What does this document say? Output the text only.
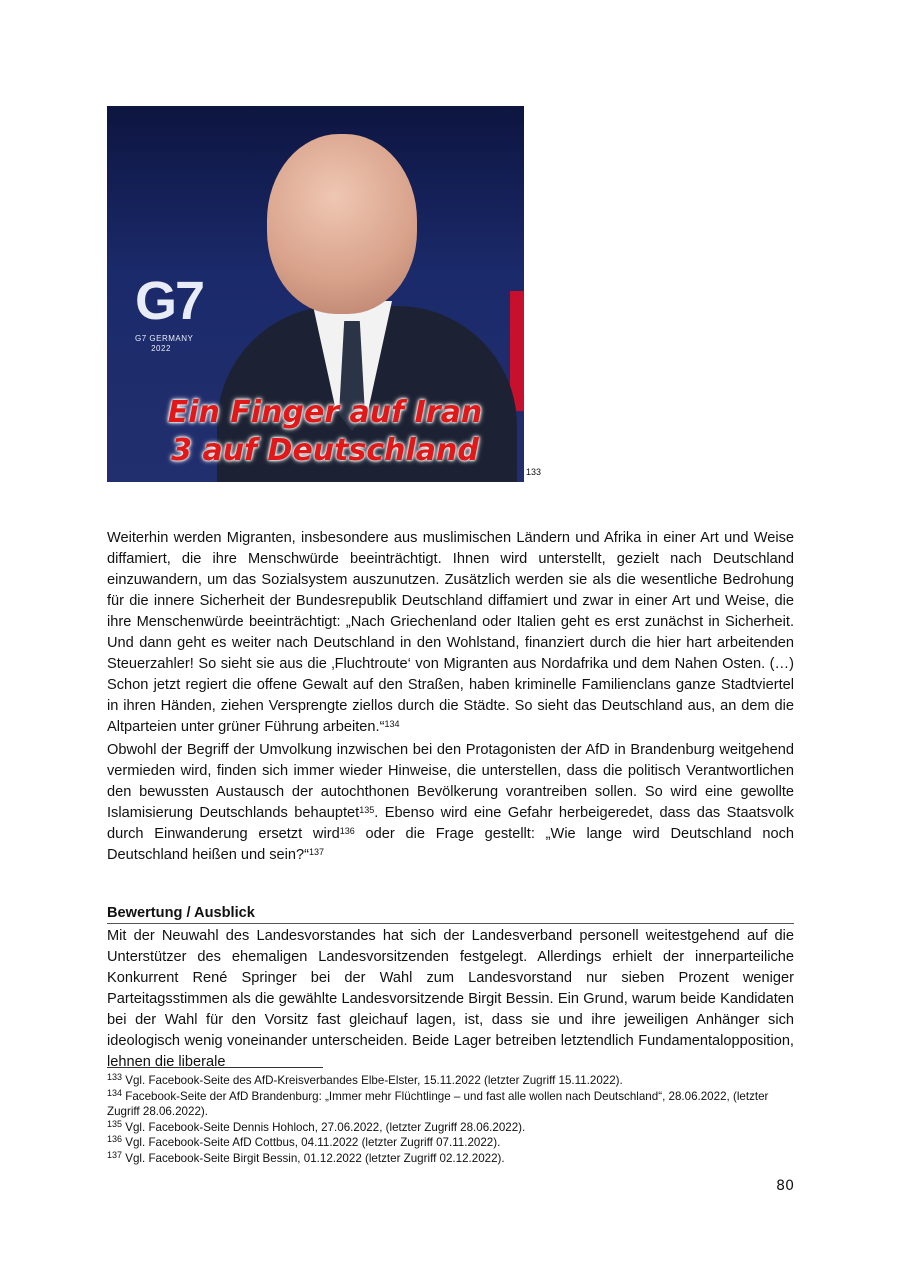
G7
G7 GERMANY
2022
Ein Finger auf Iran
3 auf Deutschland
133

Weiterhin werden Migranten, insbesondere aus muslimischen Ländern und Afrika in einer Art und Weise diffamiert, die ihre Menschwürde beeinträchtigt. Ihnen wird unterstellt, gezielt nach Deutschland einzuwandern, um das Sozialsystem auszunutzen. Zusätzlich werden sie als die wesentliche Bedrohung für die innere Sicherheit der Bundesrepublik Deutschland diffamiert und zwar in einer Art und Weise, die ihre Menschenwürde beeinträchtigt: „Nach Griechenland oder Italien geht es erst zunächst in Sicherheit. Und dann geht es weiter nach Deutschland in den Wohlstand, finanziert durch die hier hart arbeitenden Steuerzahler! So sieht sie aus die ‚Fluchtroute‘ von Migranten aus Nordafrika und dem Nahen Osten. (…) Schon jetzt regiert die offene Gewalt auf den Straßen, haben kriminelle Familienclans ganze Stadtviertel in ihren Händen, ziehen Versprengte ziellos durch die Städte. So sieht das Deutschland aus, an dem die Altparteien unter grüner Führung arbeiten.“$^{134}$

Obwohl der Begriff der Umvolkung inzwischen bei den Protagonisten der AfD in Brandenburg weitgehend vermieden wird, finden sich immer wieder Hinweise, die unterstellen, dass die politisch Verantwortlichen den bewussten Austausch der autochthonen Bevölkerung vorantreiben sollen. So wird eine gewollte Islamisierung Deutschlands behauptet$^{135}$. Ebenso wird eine Gefahr herbeigeredet, dass das Staatsvolk durch Einwanderung ersetzt wird$^{136}$ oder die Frage gestellt: „Wie lange wird Deutschland noch Deutschland heißen und sein?“$^{137}$

Bewertung / Ausblick

Mit der Neuwahl des Landesvorstandes hat sich der Landesverband personell weitestgehend auf die Unterstützer des ehemaligen Landesvorsitzenden festgelegt. Allerdings erhielt der innerparteiliche Konkurrent René Springer bei der Wahl zum Landesvorstand nur sieben Prozent weniger Parteitagsstimmen als die gewählte Landesvorsitzende Birgit Bessin. Ein Grund, warum beide Kandidaten bei der Wahl für den Vorsitz fast gleichauf lagen, ist, dass sie und ihre jeweiligen Anhänger sich ideologisch wenig voneinander unterscheiden. Beide Lager betreiben letztendlich Fundamentalopposition, lehnen die liberale

$^{133}$ Vgl. Facebook-Seite des AfD-Kreisverbandes Elbe-Elster, 15.11.2022 (letzter Zugriff 15.11.2022).

$^{134}$ Facebook-Seite der AfD Brandenburg: „Immer mehr Flüchtlinge – und fast alle wollen nach Deutschland“, 28.06.2022, (letzter Zugriff 28.06.2022).

$^{135}$ Vgl. Facebook-Seite Dennis Hohloch, 27.06.2022, (letzter Zugriff 28.06.2022).

$^{136}$ Vgl. Facebook-Seite AfD Cottbus, 04.11.2022 (letzter Zugriff 07.11.2022).

$^{137}$ Vgl. Facebook-Seite Birgit Bessin, 01.12.2022 (letzter Zugriff 02.12.2022).

80
